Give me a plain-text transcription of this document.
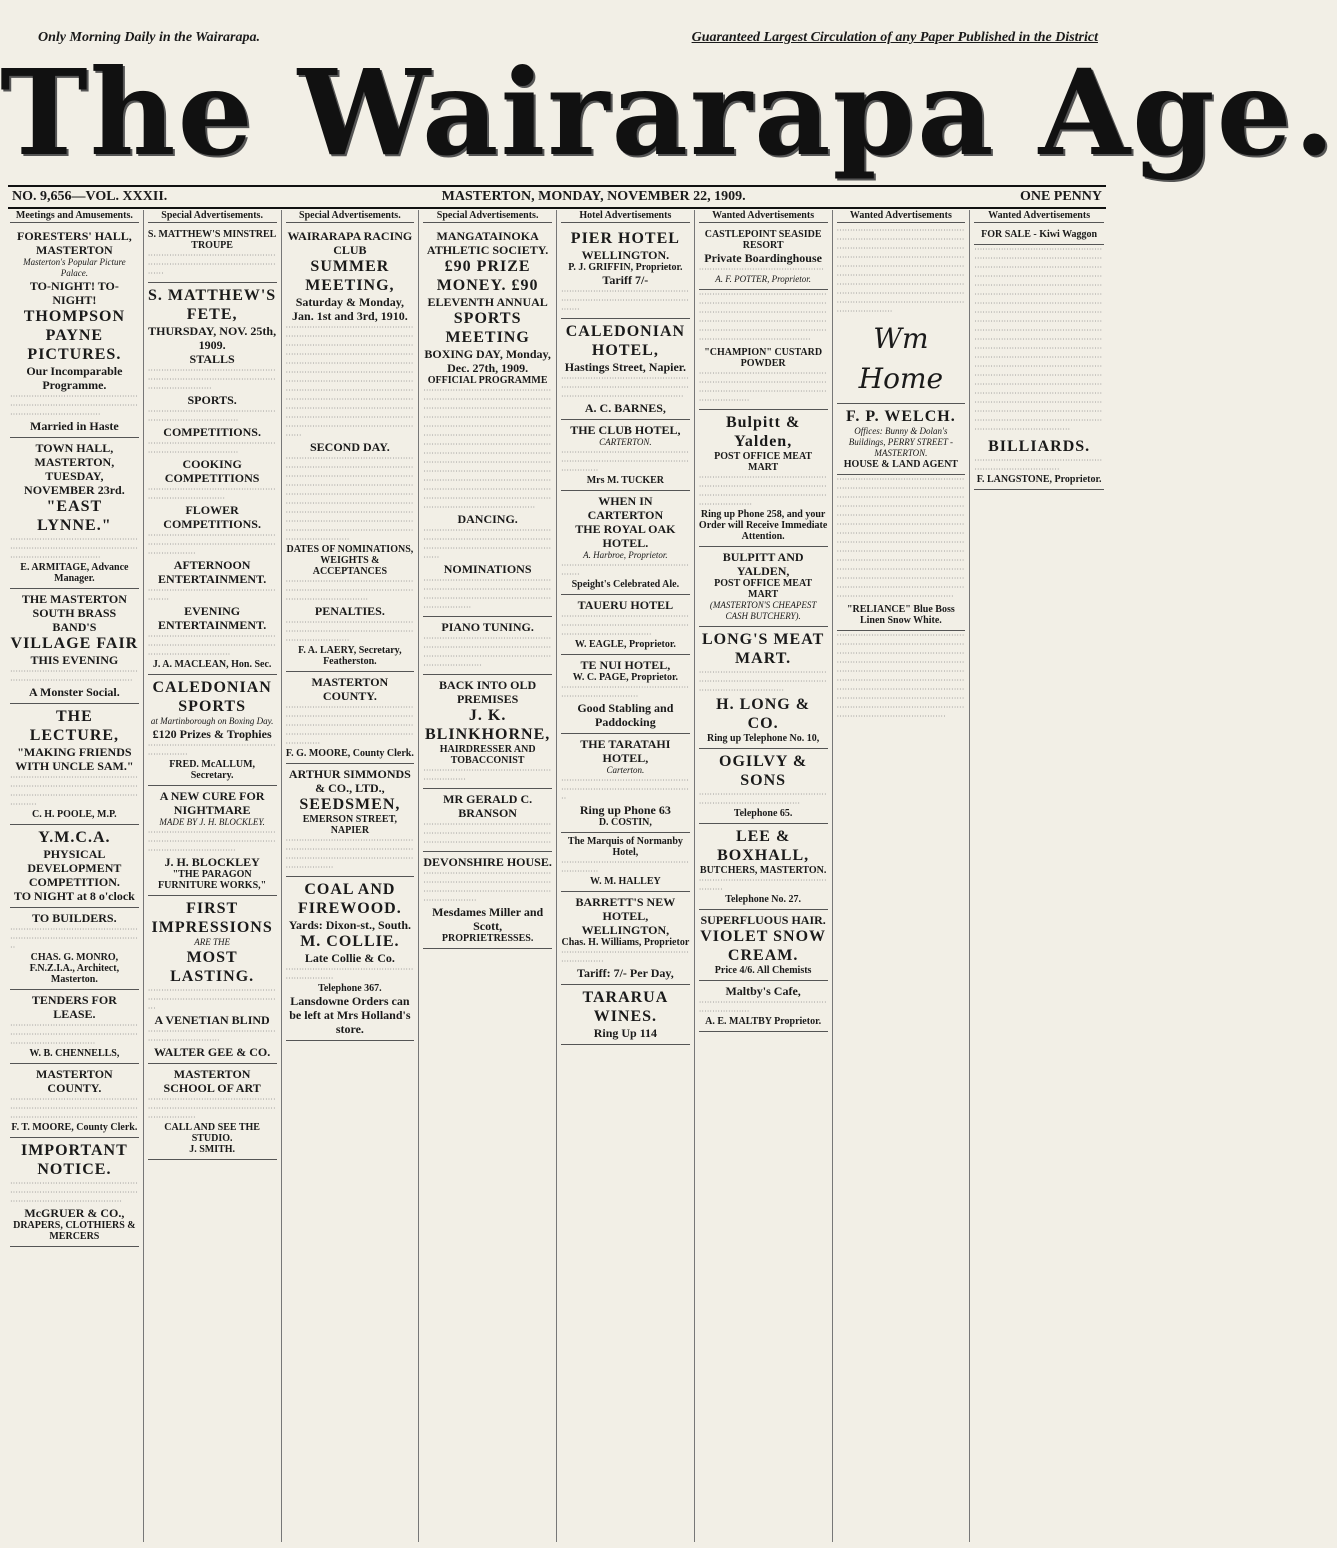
Only Morning Daily in the Wairarapa.	Guaranteed Largest Circulation of any Paper Published in the District
The Wairarapa Age.
NO. 9,656—VOL. XXXII.	MASTERTON, MONDAY, NOVEMBER 22, 1909.	ONE PENNY
Meetings and Amusements.
FORESTERS' HALL, MASTERTON
Masterton's Popular Picture Palace.
TO-NIGHT! TO-NIGHT!
THOMPSON PAYNE PICTURES.
Our Incomparable Programme.
··································································································································
Married in Haste
TOWN HALL, MASTERTON,
TUESDAY, NOVEMBER 23rd.
"EAST LYNNE."
··································································································································
E. ARMITAGE, Advance Manager.
THE MASTERTON SOUTH BRASS BAND'S
VILLAGE FAIR
THIS EVENING
······························································································
A Monster Social.
THE LECTURE,
"MAKING FRIENDS WITH UNCLE SAM."
··························································································································································
C. H. POOLE, M.P.
Y.M.C.A.
PHYSICAL DEVELOPMENT COMPETITION.
TO NIGHT at 8 o'clock
TO BUILDERS.
··································································································
CHAS. G. MONRO, F.N.Z.I.A., Architect, Masterton.
TENDERS FOR LEASE.
································································································································
W. B. CHENNELLS,
MASTERTON COUNTY.
················································································································································
F. T. MOORE, County Clerk.
IMPORTANT NOTICE.
··········································································································································
McGRUER & CO.,
DRAPERS, CLOTHIERS & MERCERS
Special Advertisements.
S. MATTHEW'S MINSTREL TROUPE
······································································································
S. MATTHEW'S FETE,
THURSDAY, NOV. 25th, 1909.
STALLS
························································································································
SPORTS.
··················································································
COMPETITIONS.
··················································································
COOKING COMPETITIONS
·············································································
FLOWER COMPETITIONS.
··················································································································
AFTERNOON ENTERTAINMENT.
························································
EVENING ENTERTAINMENT.
·······························································································································
J. A. MACLEAN, Hon. Sec.
CALEDONIAN SPORTS
at Martinborough on Boxing Day.
£120 Prizes & Trophies
·······························································
FRED. McALLUM, Secretary.
A NEW CURE FOR NIGHTMARE
MADE BY J. H. BLOCKLEY.
·································································································································
J. H. BLOCKLEY
"THE PARAGON FURNITURE WORKS,"
FIRST IMPRESSIONS
ARE THE
MOST LASTING.
···································································································
A VENETIAN BLIND
···········································································
WALTER GEE & CO.
MASTERTON SCHOOL OF ART
··················································································································
CALL AND SEE THE STUDIO.
J. SMITH.
Special Advertisements.
WAIRARAPA RACING CLUB
SUMMER MEETING,
Saturday & Monday, Jan. 1st and 3rd, 1910.
······································································································································································································································································································································································································································································································································································································
SECOND DAY.
········································································································································································································································································································································································································································································
DATES OF NOMINATIONS, WEIGHTS & ACCEPTANCES
·······························································································································
PENALTIES.
························································································································
F. A. LAERY, Secretary, Featherston.
MASTERTON COUNTY.
·············································································································································································································
F. G. MOORE, County Clerk.
ARTHUR SIMMONDS & CO., LTD.,
SEEDSMEN,
EMERSON STREET, NAPIER
··································································································································································
COAL AND FIREWOOD.
Yards: Dixon-st., South.
M. COLLIE.
Late Collie & Co.
··································································
Telephone 367.
Lansdowne Orders can be left at Mrs Holland's store.
Special Advertisements.
MANGATAINOKA ATHLETIC SOCIETY.
£90 PRIZE MONEY. £90
ELEVENTH ANNUAL
SPORTS MEETING
BOXING DAY, Monday, Dec. 27th, 1909.
OFFICIAL PROGRAMME
··························································································································································································································································································································································································································································································································································································································································································
DANCING.
······················································································································································
NOMINATIONS
··································································································································································
PIANO TUNING.
······································································································································································
BACK INTO OLD PREMISES
J. K. BLINKHORNE,
HAIRDRESSER AND TOBACCONIST
································································
MR GERALD C. BRANSON
················································································································································
DEVONSHIRE HOUSE.
····································································································································································
Mesdames Miller and Scott,
PROPRIETRESSES.
Hotel Advertisements
PIER HOTEL
WELLINGTON.
P. J. GRIFFIN, Proprietor.
Tariff 7/-
·······································································································
CALEDONIAN HOTEL,
Hastings Street, Napier.
··············································································································································
A. C. BARNES,
THE CLUB HOTEL,
CARTERTON.
··············································································································
Mrs M. TUCKER
WHEN IN CARTERTON
THE ROYAL OAK HOTEL.
A. Harbroe, Proprietor.
·······················································
Speight's Celebrated Ale.
TAUERU HOTEL
··································································································································
W. EAGLE, Proprietor.
TE NUI HOTEL,
W. C. PAGE, Proprietor.
·············································································
Good Stabling and Paddocking
THE TARATAHI HOTEL,
Carterton.
··································································································
Ring up Phone 63
D. COSTIN,
The Marquis of Normanby Hotel,
······························································
W. M. HALLEY
BARRETT'S NEW HOTEL,
WELLINGTON,
Chas. H. Williams, Proprietor
································································
Tariff: 7/- Per Day,
TARARUA WINES.
Ring Up 114
Wanted Advertisements
CASTLEPOINT SEASIDE RESORT
Private Boardinghouse
···············································
A. F. POTTER, Proprietor.
··························································································································································································································································································
"CHAMPION" CUSTARD POWDER
···································································································································································
Bulpitt & Yalden,
POST OFFICE MEAT MART
····································································································································································
Ring up Phone 258, and your Order will Receive Immediate Attention.
BULPITT AND YALDEN,
POST OFFICE MEAT MART
(MASTERTON'S CHEAPEST CASH BUTCHERY).
LONG'S MEAT MART.
································································································································
H. LONG & CO.
Ring up Telephone No. 10,
OGILVY & SONS
······················································································
Telephone 65.
LEE & BOXHALL,
BUTCHERS, MASTERTON.
·························································
Telephone No. 27.
SUPERFLUOUS HAIR.
VIOLET SNOW CREAM.
Price 4/6. All Chemists
Maltby's Cafe,
···································································
A. E. MALTBY Proprietor.
Wanted Advertisements
·····································································································································································································································································································································································································································································
Wm Home
F. P. WELCH.
Offices: Bunny & Dolan's Buildings, PERRY STREET - MASTERTON.
HOUSE & LAND AGENT
····························································································································································································································································································································································································································································································································································································································································································
"RELIANCE" Blue Boss Linen Snow White.
·························································································································································································································································································································································································································································································
Wanted Advertisements
FOR SALE - Kiwi Waggon
····································································································································································································································································································································································································································································································································································································································································································································································································································································································································································································································
BILLIARDS.
················································································
F. LANGSTONE, Proprietor.
